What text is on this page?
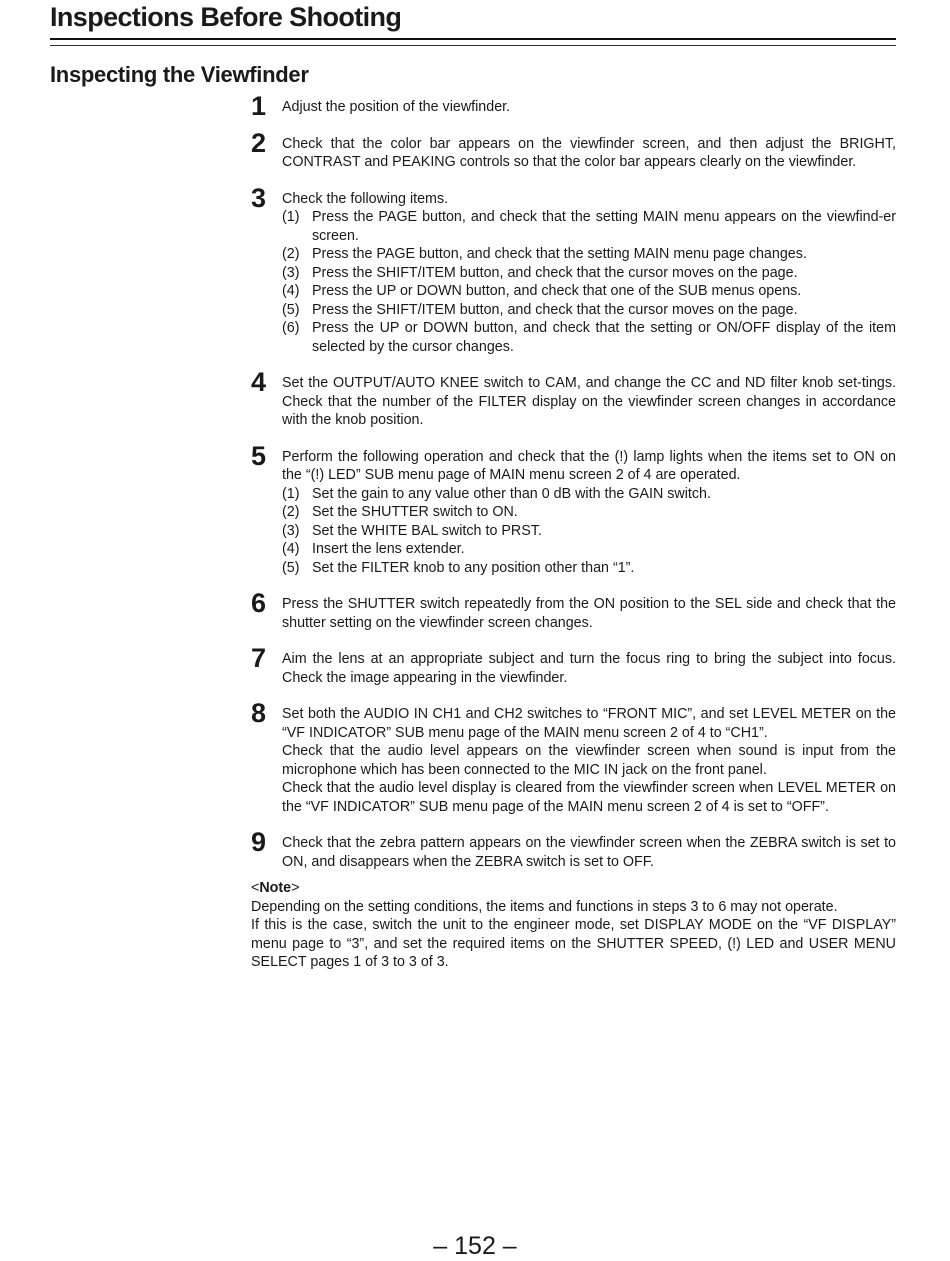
Inspections Before Shooting
Inspecting the Viewfinder
1 Adjust the position of the viewfinder.
2 Check that the color bar appears on the viewfinder screen, and then adjust the BRIGHT, CONTRAST and PEAKING controls so that the color bar appears clearly on the viewfinder.
3 Check the following items.
(1) Press the PAGE button, and check that the setting MAIN menu appears on the viewfind-er screen.
(2) Press the PAGE button, and check that the setting MAIN menu page changes.
(3) Press the SHIFT/ITEM button, and check that the cursor moves on the page.
(4) Press the UP or DOWN button, and check that one of the SUB menus opens.
(5) Press the SHIFT/ITEM button, and check that the cursor moves on the page.
(6) Press the UP or DOWN button, and check that the setting or ON/OFF display of the item selected by the cursor changes.
4 Set the OUTPUT/AUTO KNEE switch to CAM, and change the CC and ND filter knob set-tings. Check that the number of the FILTER display on the viewfinder screen changes in accordance with the knob position.
5 Perform the following operation and check that the (!) lamp lights when the items set to ON on the “(!) LED” SUB menu page of MAIN menu screen 2 of 4 are operated.
(1) Set the gain to any value other than 0 dB with the GAIN switch.
(2) Set the SHUTTER switch to ON.
(3) Set the WHITE BAL switch to PRST.
(4) Insert the lens extender.
(5) Set the FILTER knob to any position other than “1”.
6 Press the SHUTTER switch repeatedly from the ON position to the SEL side and check that the shutter setting on the viewfinder screen changes.
7 Aim the lens at an appropriate subject and turn the focus ring to bring the subject into focus. Check the image appearing in the viewfinder.
8 Set both the AUDIO IN CH1 and CH2 switches to “FRONT MIC”, and set LEVEL METER on the “VF INDICATOR” SUB menu page of the MAIN menu screen 2 of 4 to “CH1”.
Check that the audio level appears on the viewfinder screen when sound is input from the microphone which has been connected to the MIC IN jack on the front panel.
Check that the audio level display is cleared from the viewfinder screen when LEVEL METER on the “VF INDICATOR” SUB menu page of the MAIN menu screen 2 of 4 is set to “OFF”.
9 Check that the zebra pattern appears on the viewfinder screen when the ZEBRA switch is set to ON, and disappears when the ZEBRA switch is set to OFF.
<Note>
Depending on the setting conditions, the items and functions in steps 3 to 6 may not operate.
If this is the case, switch the unit to the engineer mode, set DISPLAY MODE on the “VF DISPLAY” menu page to “3”, and set the required items on the SHUTTER SPEED, (!) LED and USER MENU SELECT pages 1 of 3 to 3 of 3.
– 152 –
